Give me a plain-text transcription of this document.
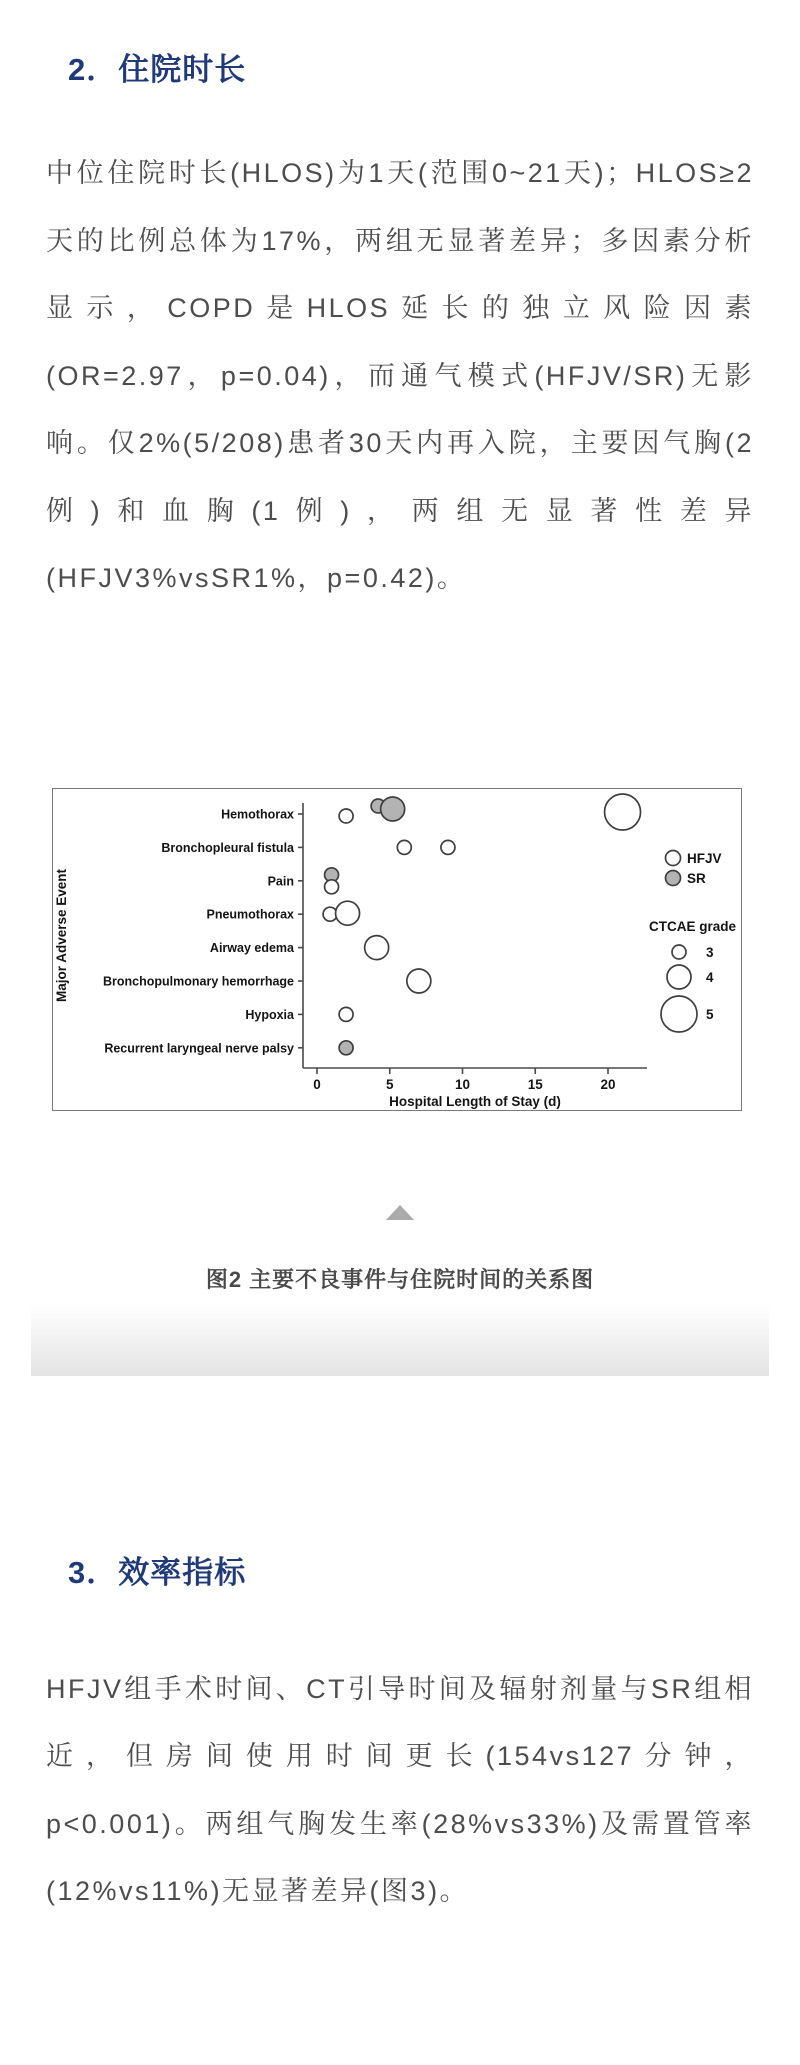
2．住院时长

中位住院时长(HLOS)为1天(范围0~21天)；HLOS≥2天的比例总体为17%，两组无显著差异；多因素分析显示，COPD是HLOS延长的独立风险因素(OR=2.97，p=0.04)，而通气模式(HFJV/SR)无影响。仅2%(5/208)患者30天内再入院，主要因气胸(2例)和血胸(1例)，两组无显著性差异(HFJV3%vsSR1%，p=0.42)。

Hemothorax
Bronchopleural fistula
Pain
Pneumothorax
Airway edema
Bronchopulmonary hemorrhage
Hypoxia
Recurrent laryngeal nerve palsy
0	5	10	15	20
Hospital Length of Stay (d)
Major Adverse Event
HFJV
SR
CTCAE grade
3
4
5
图2 主要不良事件与住院时间的关系图
3．效率指标

HFJV组手术时间、CT引导时间及辐射剂量与SR组相近，但房间使用时间更长(154vs127分钟，p<0.001)。两组气胸发生率(28%vs33%)及需置管率(12%vs11%)无显著差异(图3)。
